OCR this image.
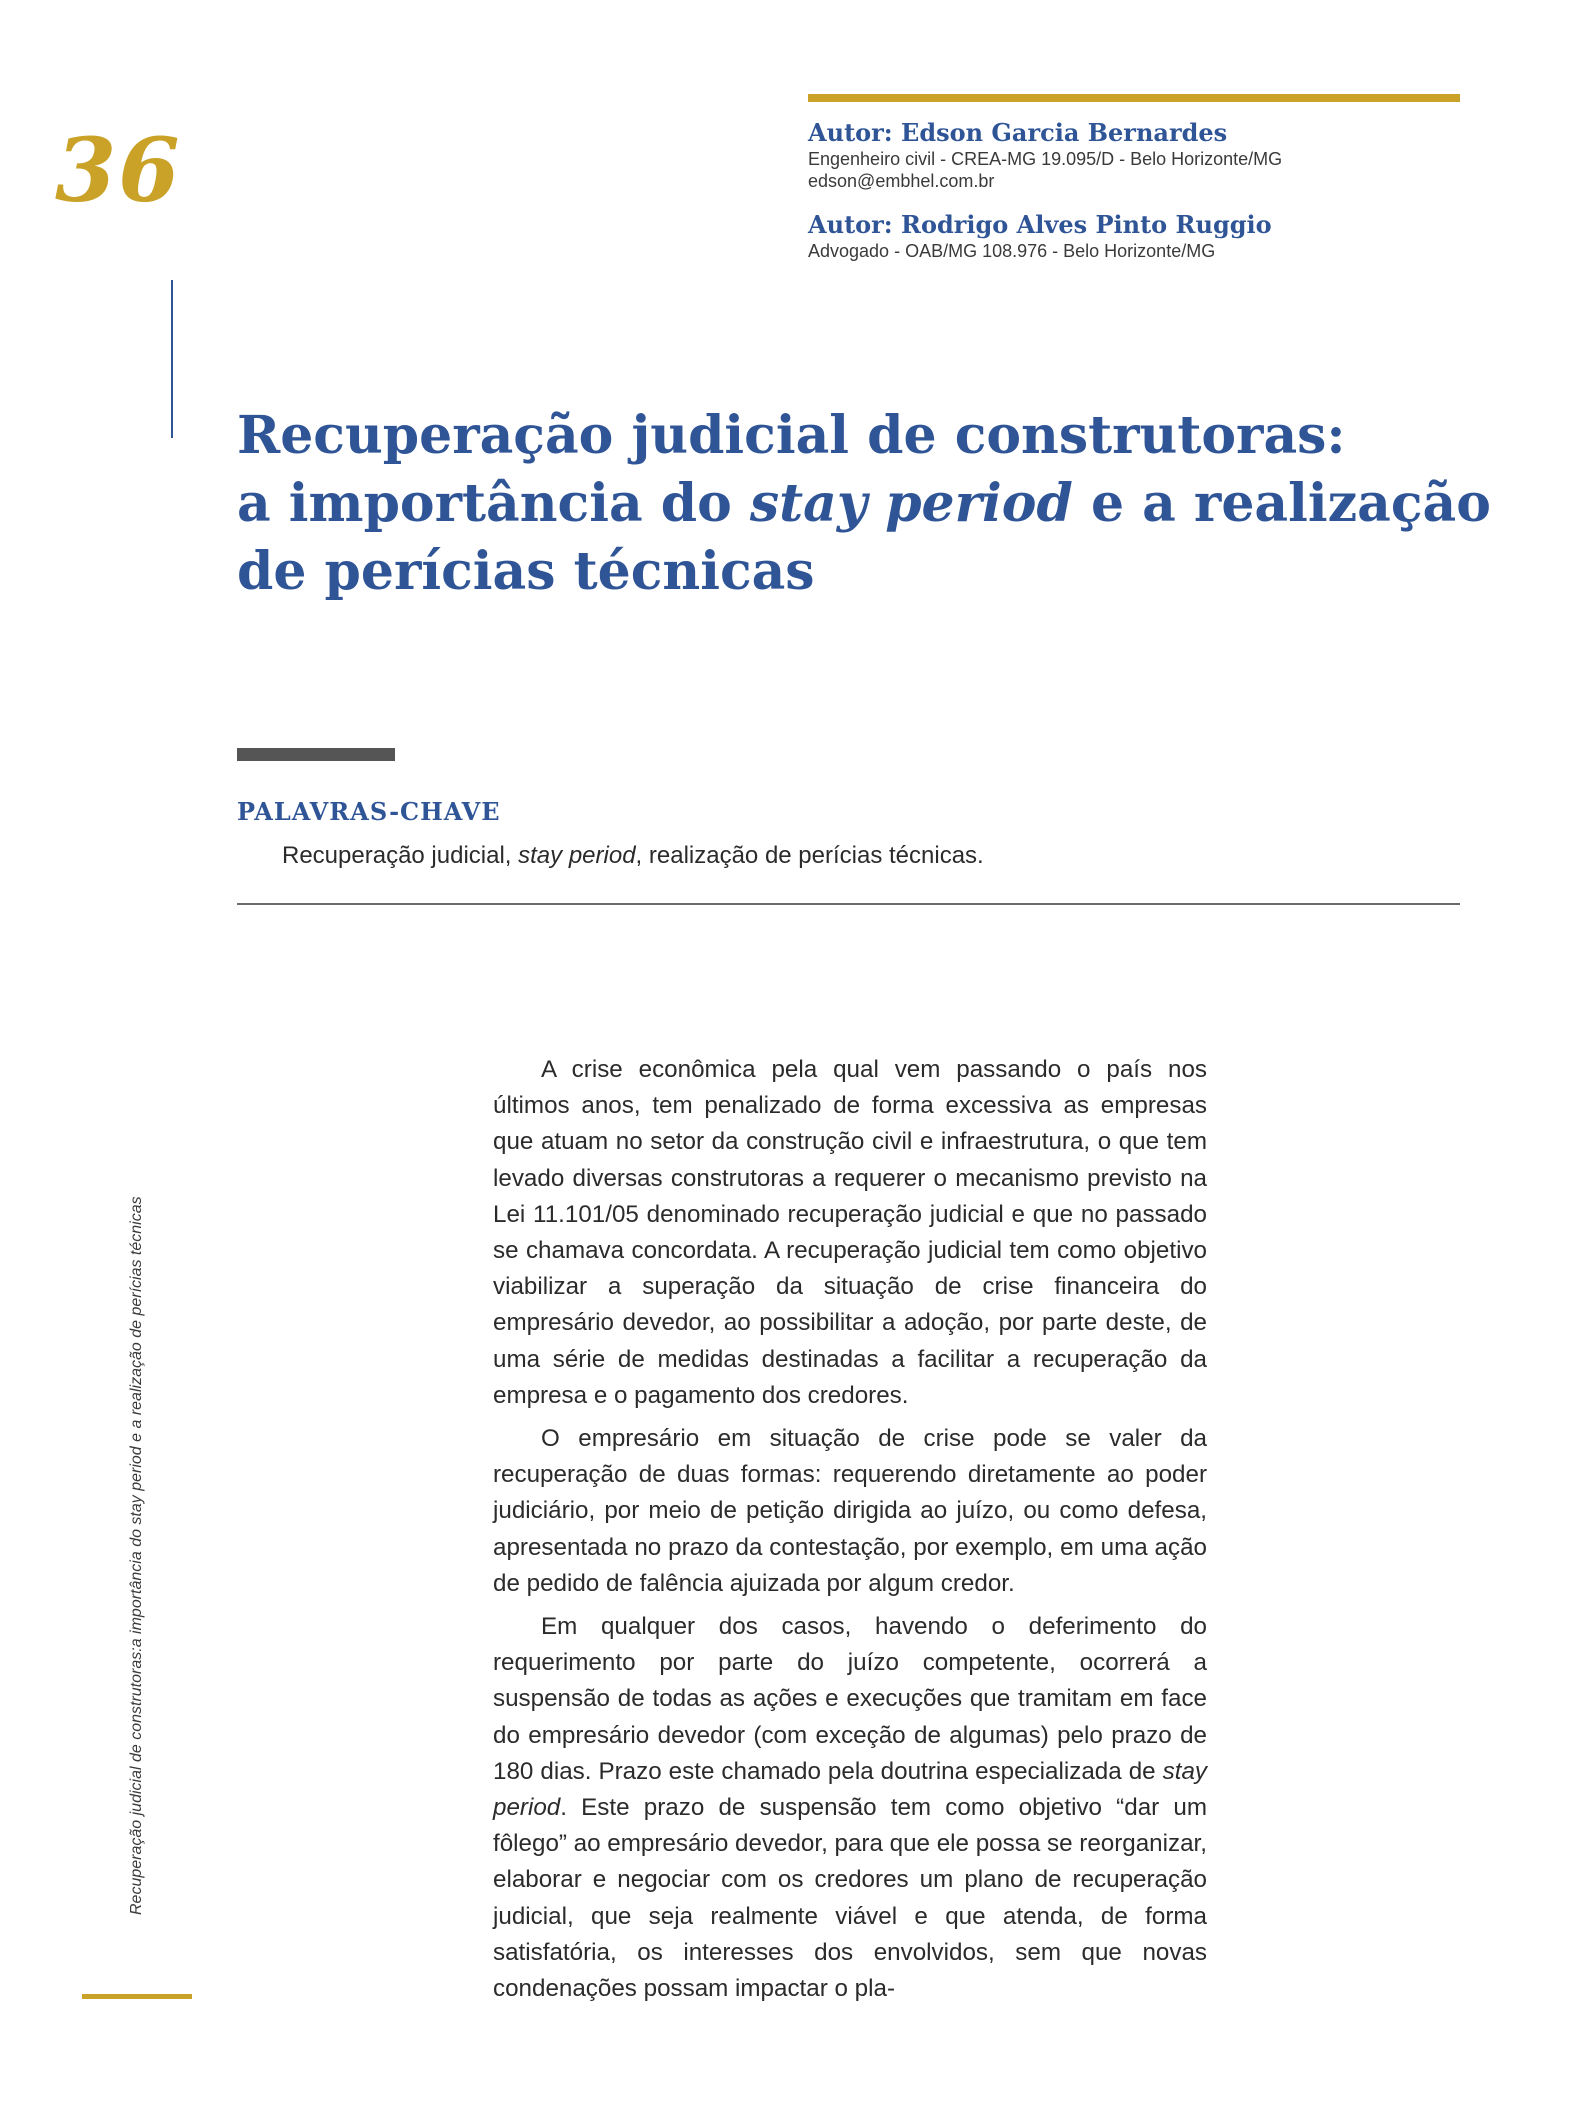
36	Autor: Edson Garcia Bernardes
Engenheiro civil - CREA-MG 19.095/D - Belo Horizonte/MG
edson@embhel.com.br
Autor: Rodrigo Alves Pinto Ruggio
Advogado - OAB/MG 108.976 - Belo Horizonte/MG
Recuperação judicial de construtoras:
a importância do stay period e a realização
de perícias técnicas
PALAVRAS-CHAVE
Recuperação judicial, stay period, realização de perícias técnicas.

A crise econômica pela qual vem passando o país nos últimos anos, tem penalizado de forma excessiva as empresas que atuam no setor da construção civil e infraestrutura, o que tem levado diversas construtoras a requerer o mecanismo previsto na Lei 11.101/05 denominado recuperação judicial e que no passado se chamava concordata. A recuperação judicial tem como objetivo viabilizar a superação da situação de crise financeira do empresário devedor, ao possibilitar a adoção, por parte deste, de uma série de medidas destinadas a facilitar a recuperação da empresa e o pagamento dos credores.

O empresário em situação de crise pode se valer da recuperação de duas formas: requerendo diretamente ao poder judiciário, por meio de petição dirigida ao juízo, ou como defesa, apresentada no prazo da contestação, por exemplo, em uma ação de pedido de falência ajuizada por algum credor.

Em qualquer dos casos, havendo o deferimento do requerimento por parte do juízo competente, ocorrerá a suspensão de todas as ações e execuções que tramitam em face do empresário devedor (com exceção de algumas) pelo prazo de 180 dias. Prazo este chamado pela doutrina especializada de stay period. Este prazo de suspensão tem como objetivo “dar um fôlego” ao empresário devedor, para que ele possa se reorganizar, elaborar e negociar com os credores um plano de recuperação judicial, que seja realmente viável e que atenda, de forma satisfatória, os interesses dos envolvidos, sem que novas condenações possam impactar o pla-

Recuperação judicial de construtoras:a importância do stay period e a realização de perícias técnicas
